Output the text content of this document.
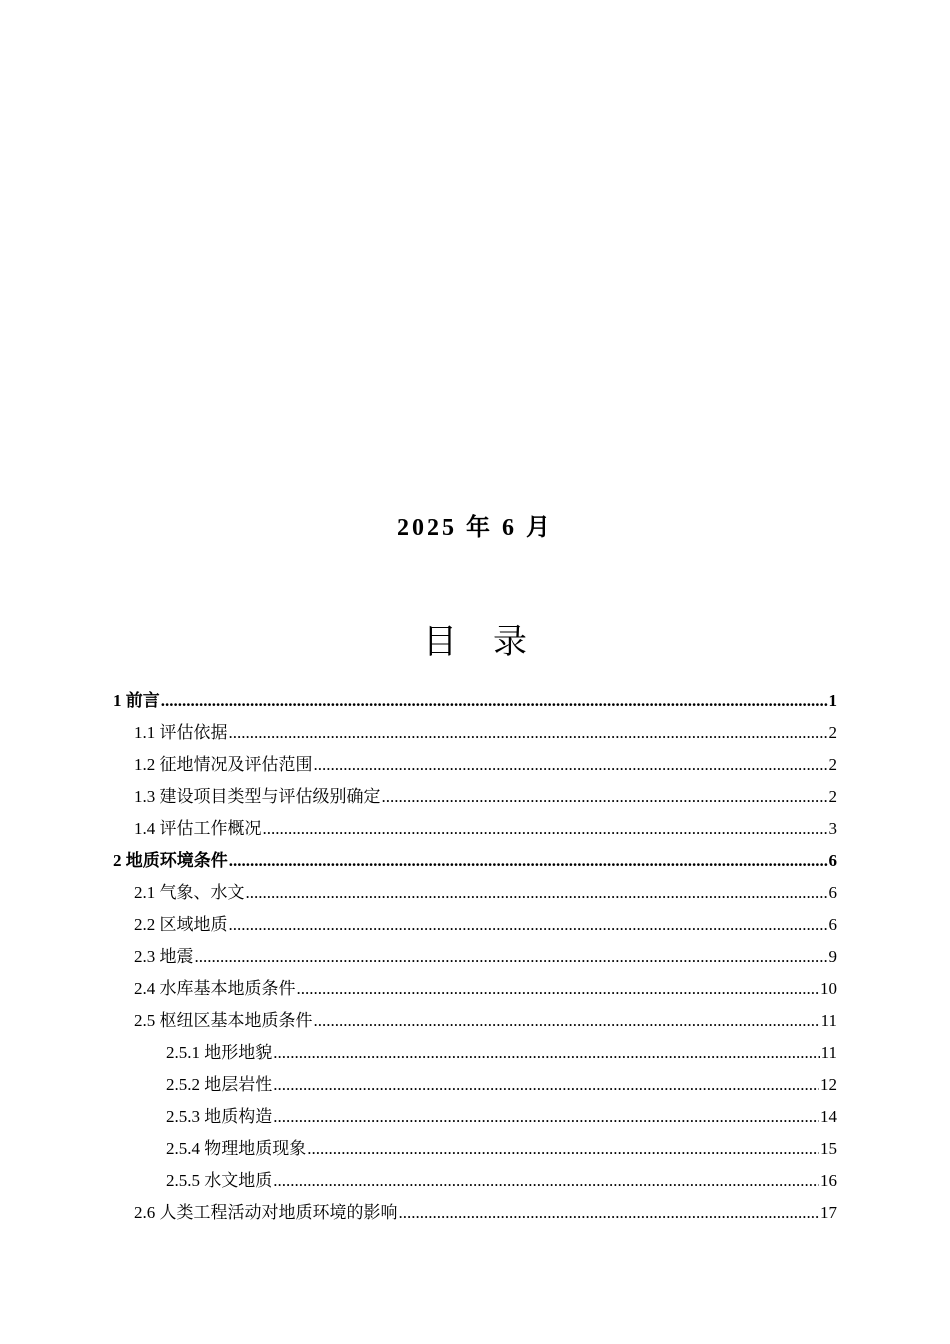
2025 年 6 月
目 录
1 前言 .....	1
1.1 评估依据 .....	2
1.2 征地情况及评估范围 .....	2
1.3 建设项目类型与评估级别确定 .....	2
1.4 评估工作概况 .....	3
2 地质环境条件 .....	6
2.1 气象、水文 .....	6
2.2 区域地质 .....	6
2.3 地震 .....	9
2.4 水库基本地质条件 .....	10
2.5 枢纽区基本地质条件 .....	11
2.5.1 地形地貌 .....	11
2.5.2 地层岩性 .....	12
2.5.3 地质构造 .....	14
2.5.4 物理地质现象 .....	15
2.5.5 水文地质 .....	16
2.6 人类工程活动对地质环境的影响 .....	17
